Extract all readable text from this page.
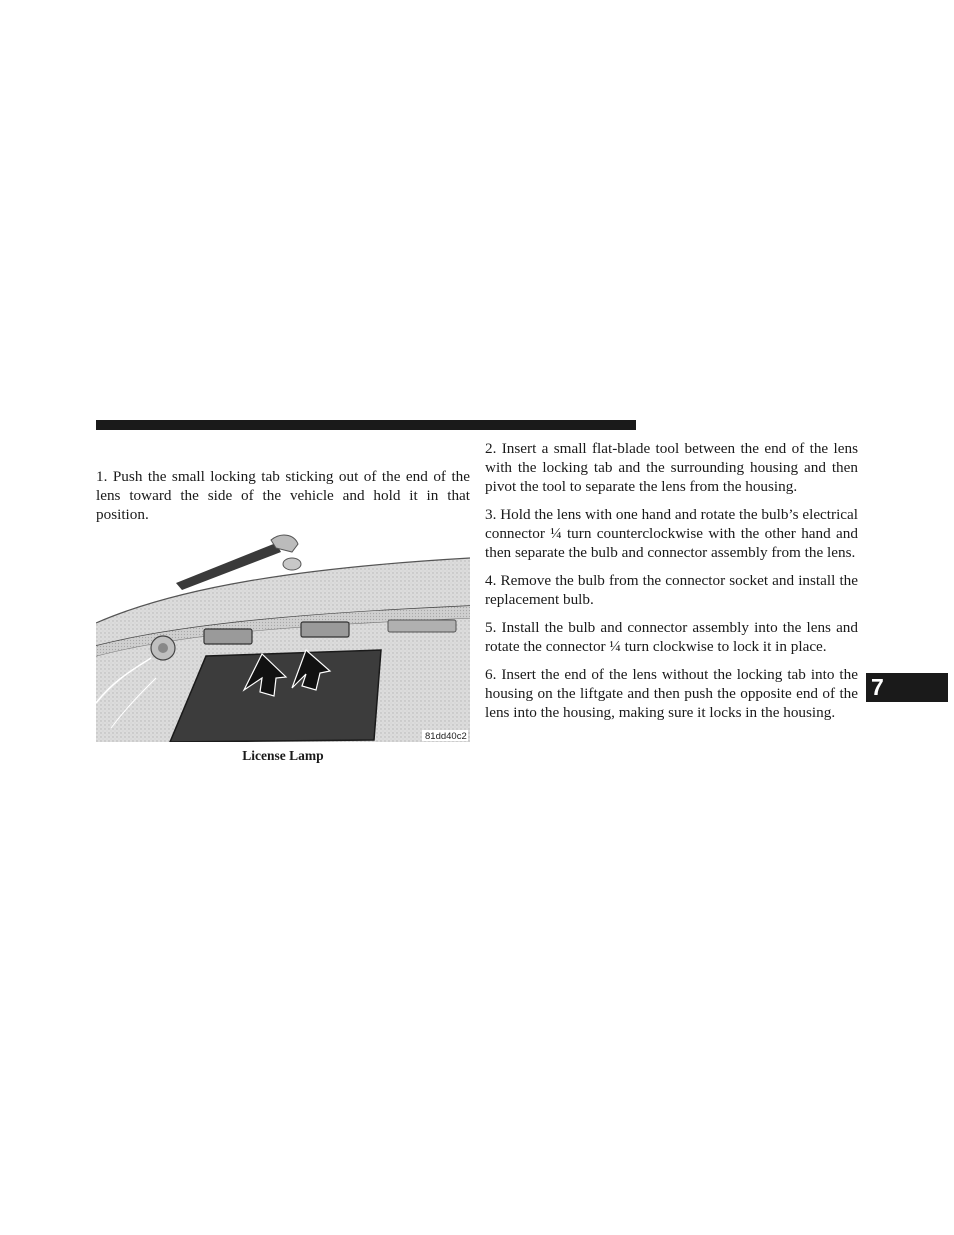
1. Push the small locking tab sticking out of the end of the lens toward the side of the vehicle and hold it in that position.

81dd40c2
License Lamp

2. Insert a small flat-blade tool between the end of the lens with the locking tab and the surrounding housing and then pivot the tool to separate the lens from the housing.

3. Hold the lens with one hand and rotate the bulb’s electrical connector ¼ turn counterclockwise with the other hand and then separate the bulb and connector assembly from the lens.

4. Remove the bulb from the connector socket and install the replacement bulb.

5. Install the bulb and connector assembly into the lens and rotate the connector ¼ turn clockwise to lock it in place.

6. Insert the end of the lens without the locking tab into the housing on the liftgate and then push the opposite end of the lens into the housing, making sure it locks in the housing.

7
